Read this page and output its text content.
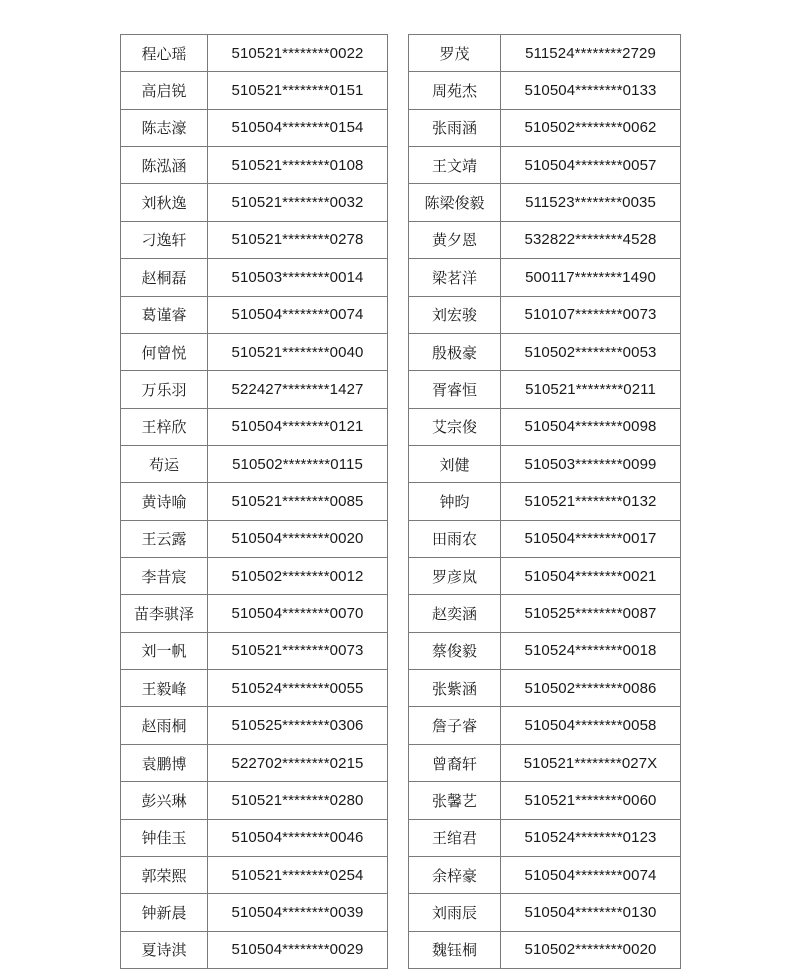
程心瑶	510521********0022
高启锐	510521********0151
陈志濠	510504********0154
陈泓涵	510521********0108
刘秋逸	510521********0032
刁逸轩	510521********0278
赵桐磊	510503********0014
葛谨睿	510504********0074
何曾悦	510521********0040
万乐羽	522427********1427
王梓欣	510504********0121
苟运	510502********0115
黄诗喻	510521********0085
王云露	510504********0020
李昔宸	510502********0012
苗李骐泽	510504********0070
刘一帆	510521********0073
王毅峰	510524********0055
赵雨桐	510525********0306
袁鹏博	522702********0215
彭兴琳	510521********0280
钟佳玉	510504********0046
郭荣熙	510521********0254
钟新晨	510504********0039
夏诗淇	510504********0029
罗茂	511524********2729
周苑杰	510504********0133
张雨涵	510502********0062
王文靖	510504********0057
陈梁俊毅	511523********0035
黄夕恩	532822********4528
梁茗洋	500117********1490
刘宏骏	510107********0073
殷极豪	510502********0053
胥睿恒	510521********0211
艾宗俊	510504********0098
刘健	510503********0099
钟昀	510521********0132
田雨农	510504********0017
罗彦岚	510504********0021
赵奕涵	510525********0087
蔡俊毅	510524********0018
张紫涵	510502********0086
詹子睿	510504********0058
曾裔轩	510521********027X
张馨艺	510521********0060
王绾君	510524********0123
余梓豪	510504********0074
刘雨辰	510504********0130
魏钰桐	510502********0020
